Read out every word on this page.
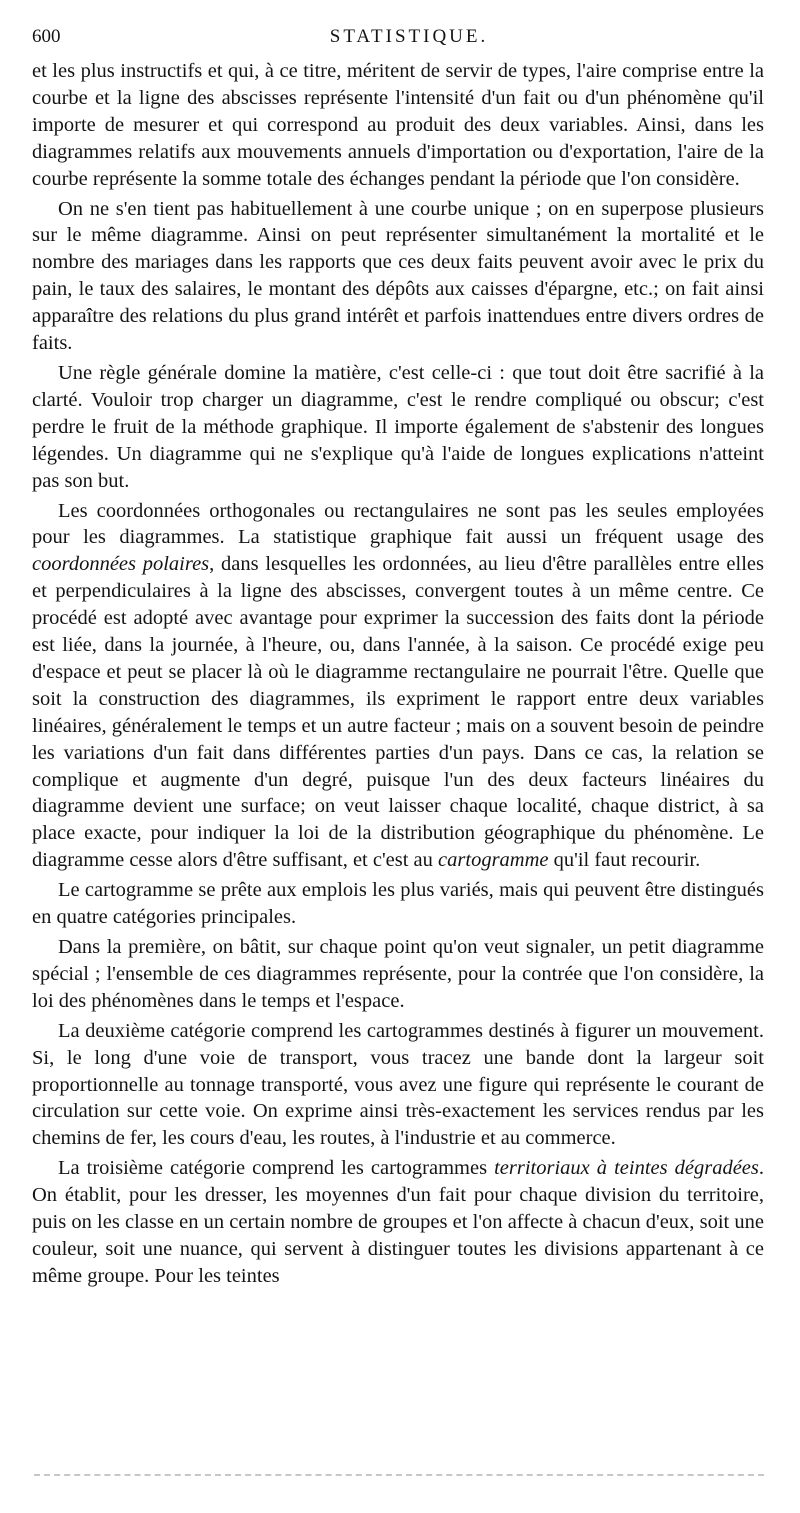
600	STATISTIQUE.

et les plus instructifs et qui, à ce titre, méritent de servir de types, l'aire comprise entre la courbe et la ligne des abscisses représente l'intensité d'un fait ou d'un phénomène qu'il importe de mesurer et qui correspond au produit des deux variables. Ainsi, dans les diagrammes relatifs aux mouvements annuels d'importation ou d'exportation, l'aire de la courbe représente la somme totale des échanges pendant la période que l'on considère.

On ne s'en tient pas habituellement à une courbe unique ; on en superpose plusieurs sur le même diagramme. Ainsi on peut représenter simultanément la mortalité et le nombre des mariages dans les rapports que ces deux faits peuvent avoir avec le prix du pain, le taux des salaires, le montant des dépôts aux caisses d'épargne, etc.; on fait ainsi apparaître des relations du plus grand intérêt et parfois inattendues entre divers ordres de faits.

Une règle générale domine la matière, c'est celle-ci : que tout doit être sacrifié à la clarté. Vouloir trop charger un diagramme, c'est le rendre compliqué ou obscur; c'est perdre le fruit de la méthode graphique. Il importe également de s'abstenir des longues légendes. Un diagramme qui ne s'explique qu'à l'aide de longues explications n'atteint pas son but.

Les coordonnées orthogonales ou rectangulaires ne sont pas les seules employées pour les diagrammes. La statistique graphique fait aussi un fréquent usage des coordonnées polaires, dans lesquelles les ordonnées, au lieu d'être parallèles entre elles et perpendiculaires à la ligne des abscisses, convergent toutes à un même centre. Ce procédé est adopté avec avantage pour exprimer la succession des faits dont la période est liée, dans la journée, à l'heure, ou, dans l'année, à la saison. Ce procédé exige peu d'espace et peut se placer là où le diagramme rectangulaire ne pourrait l'être. Quelle que soit la construction des diagrammes, ils expriment le rapport entre deux variables linéaires, généralement le temps et un autre facteur ; mais on a souvent besoin de peindre les variations d'un fait dans différentes parties d'un pays. Dans ce cas, la relation se complique et augmente d'un degré, puisque l'un des deux facteurs linéaires du diagramme devient une surface; on veut laisser chaque localité, chaque district, à sa place exacte, pour indiquer la loi de la distribution géographique du phénomène. Le diagramme cesse alors d'être suffisant, et c'est au cartogramme qu'il faut recourir.

Le cartogramme se prête aux emplois les plus variés, mais qui peuvent être distingués en quatre catégories principales.

Dans la première, on bâtit, sur chaque point qu'on veut signaler, un petit diagramme spécial ; l'ensemble de ces diagrammes représente, pour la contrée que l'on considère, la loi des phénomènes dans le temps et l'espace.

La deuxième catégorie comprend les cartogrammes destinés à figurer un mouvement. Si, le long d'une voie de transport, vous tracez une bande dont la largeur soit proportionnelle au tonnage transporté, vous avez une figure qui représente le courant de circulation sur cette voie. On exprime ainsi très-exactement les services rendus par les chemins de fer, les cours d'eau, les routes, à l'industrie et au commerce.

La troisième catégorie comprend les cartogrammes territoriaux à teintes dégradées. On établit, pour les dresser, les moyennes d'un fait pour chaque division du territoire, puis on les classe en un certain nombre de groupes et l'on affecte à chacun d'eux, soit une couleur, soit une nuance, qui servent à distinguer toutes les divisions appartenant à ce même groupe. Pour les teintes
